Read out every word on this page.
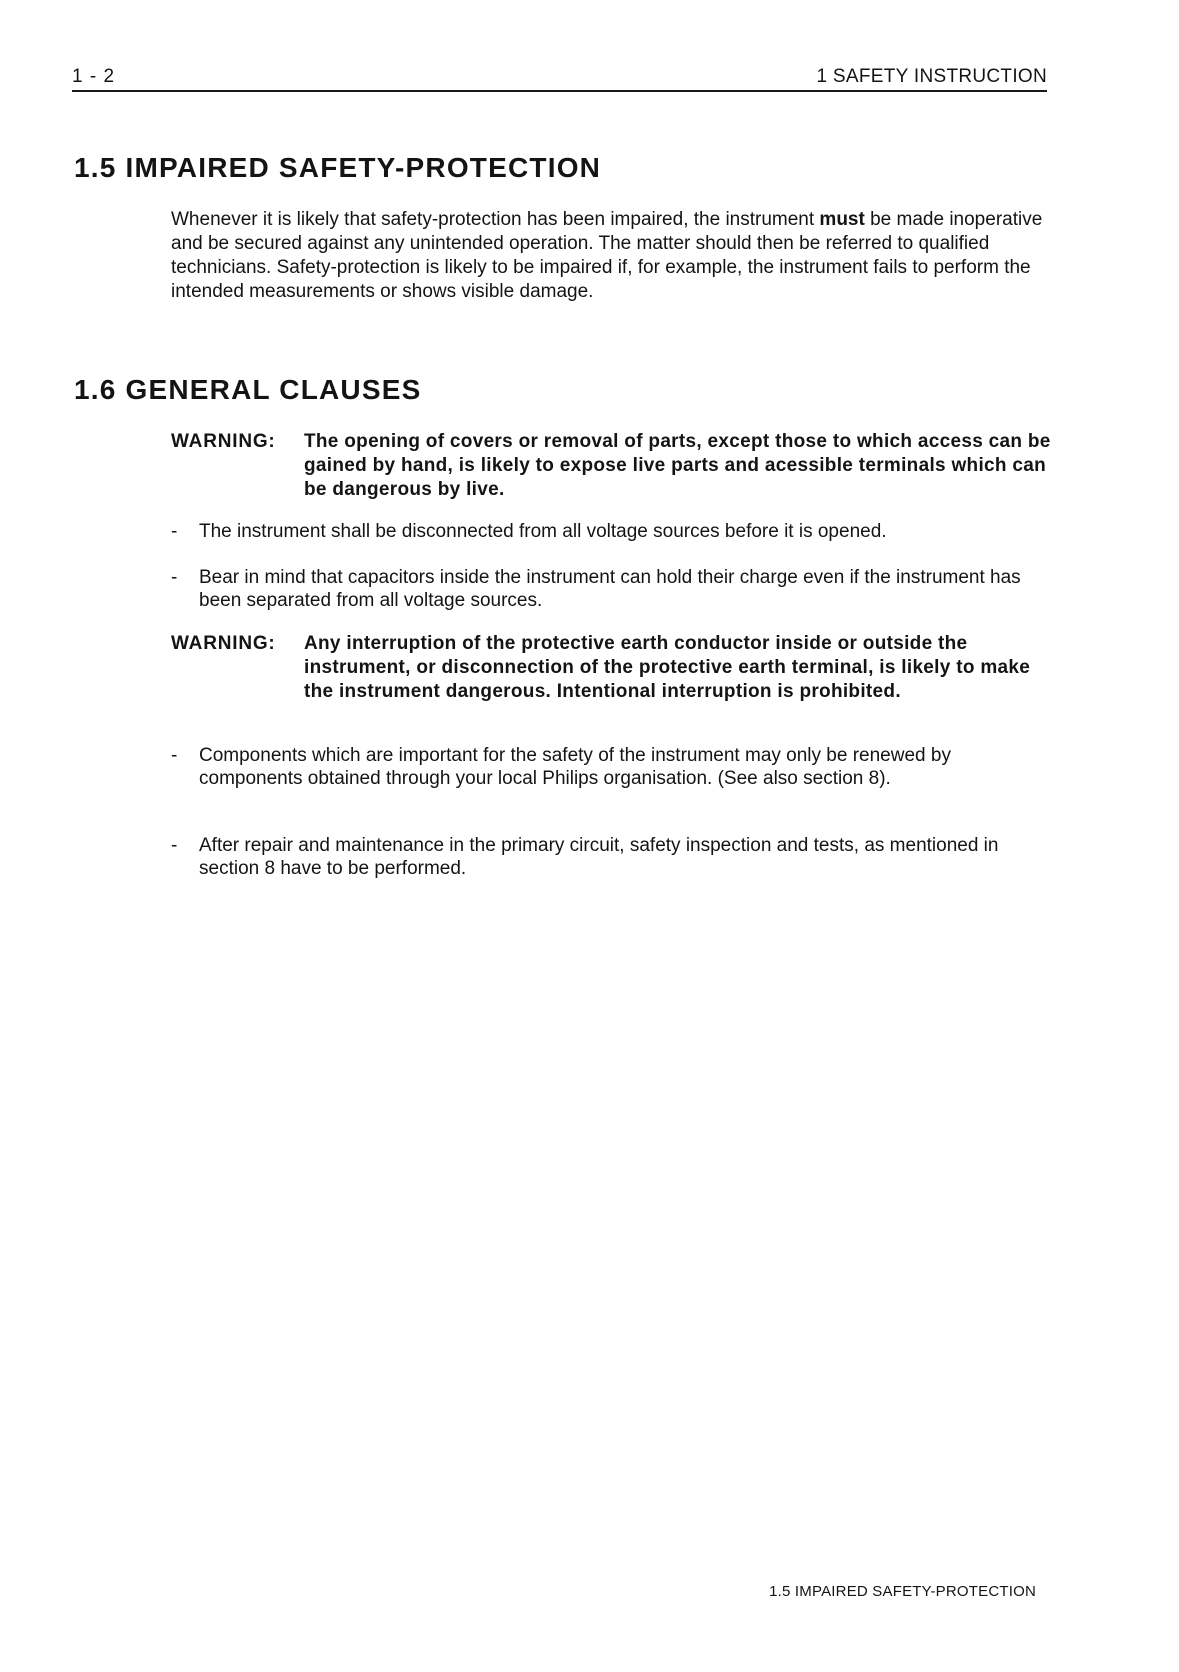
1 - 2	1 SAFETY INSTRUCTION
1.5 IMPAIRED SAFETY-PROTECTION

Whenever it is likely that safety-protection has been impaired, the instrument must be made inoperative and be secured against any unintended operation. The matter should then be referred to qualified technicians. Safety-protection is likely to be impaired if, for example, the instrument fails to perform the intended measurements or shows visible damage.

1.6 GENERAL CLAUSES
WARNING: The opening of covers or removal of parts, except those to which access can be gained by hand, is likely to expose live parts and acessible terminals which can be dangerous by live.
- The instrument shall be disconnected from all voltage sources before it is opened.
- Bear in mind that capacitors inside the instrument can hold their charge even if the instrument has been separated from all voltage sources.
WARNING: Any interruption of the protective earth conductor inside or outside the instrument, or disconnection of the protective earth terminal, is likely to make the instrument dangerous. Intentional interruption is prohibited.
- Components which are important for the safety of the instrument may only be renewed by components obtained through your local Philips organisation. (See also section 8).
- After repair and maintenance in the primary circuit, safety inspection and tests, as mentioned in section 8 have to be performed.
1.5 IMPAIRED SAFETY-PROTECTION
